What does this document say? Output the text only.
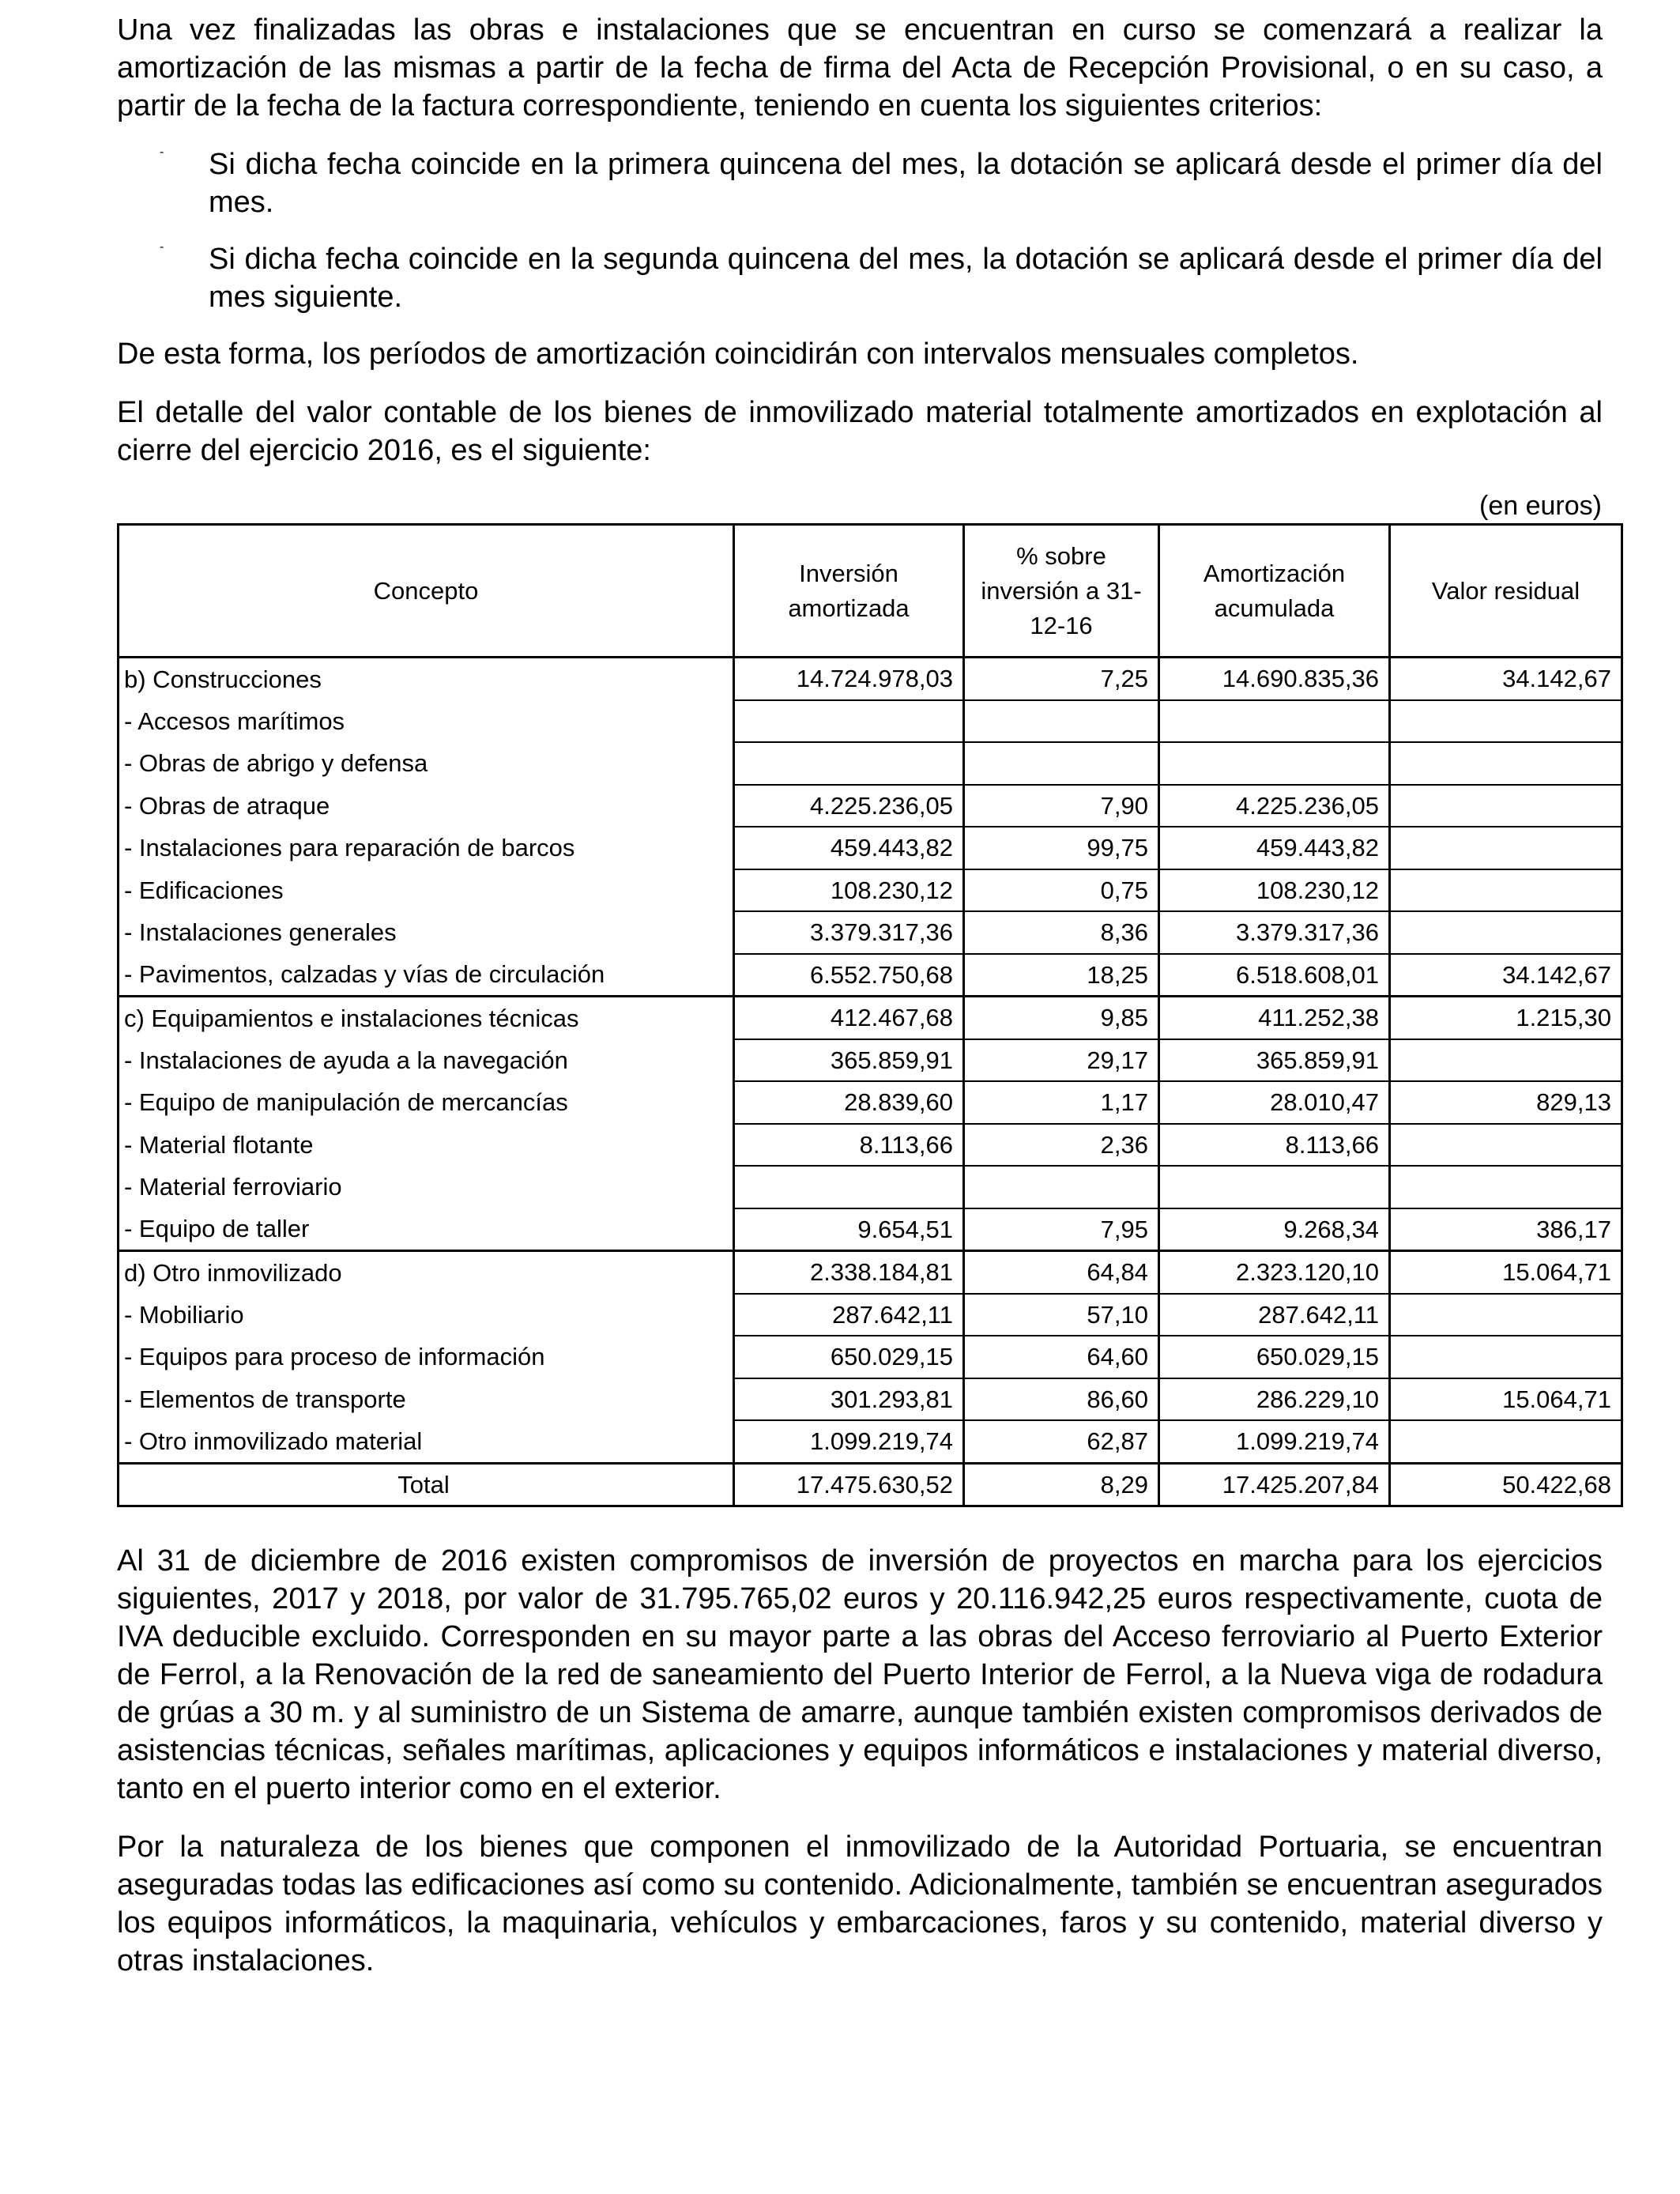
Una vez finalizadas las obras e instalaciones que se encuentran en curso se comenzará a realizar la amortización de las mismas a partir de la fecha de firma del Acta de Recepción Provisional, o en su caso, a partir de la fecha de la factura correspondiente, teniendo en cuenta los siguientes criterios:

- Si dicha fecha coincide en la primera quincena del mes, la dotación se aplicará desde el primer día del mes.

- Si dicha fecha coincide en la segunda quincena del mes, la dotación se aplicará desde el primer día del mes siguiente.

De esta forma, los períodos de amortización coincidirán con intervalos mensuales completos.

El detalle del valor contable de los bienes de inmovilizado material totalmente amortizados en explotación al cierre del ejercicio 2016, es el siguiente:

(en euros)
Concepto	Inversión amortizada	% sobre inversión a 31-12-16	Amortización acumulada	Valor residual
b) Construcciones	14.724.978,03	7,25	14.690.835,36	34.142,67
- Accesos marítimos				
- Obras de abrigo y defensa				
- Obras de atraque	4.225.236,05	7,90	4.225.236,05	
- Instalaciones para reparación de barcos	459.443,82	99,75	459.443,82	
- Edificaciones	108.230,12	0,75	108.230,12	
- Instalaciones generales	3.379.317,36	8,36	3.379.317,36	
- Pavimentos, calzadas y vías de circulación	6.552.750,68	18,25	6.518.608,01	34.142,67
c) Equipamientos e instalaciones técnicas	412.467,68	9,85	411.252,38	1.215,30
- Instalaciones de ayuda a la navegación	365.859,91	29,17	365.859,91	
- Equipo de manipulación de mercancías	28.839,60	1,17	28.010,47	829,13
- Material flotante	8.113,66	2,36	8.113,66	
- Material ferroviario				
- Equipo de taller	9.654,51	7,95	9.268,34	386,17
d) Otro inmovilizado	2.338.184,81	64,84	2.323.120,10	15.064,71
- Mobiliario	287.642,11	57,10	287.642,11	
- Equipos para proceso de información	650.029,15	64,60	650.029,15	
- Elementos de transporte	301.293,81	86,60	286.229,10	15.064,71
- Otro inmovilizado material	1.099.219,74	62,87	1.099.219,74	
Total	17.475.630,52	8,29	17.425.207,84	50.422,68

Al 31 de diciembre de 2016 existen compromisos de inversión de proyectos en marcha para los ejercicios siguientes, 2017 y 2018, por valor de 31.795.765,02 euros y 20.116.942,25 euros respectivamente, cuota de IVA deducible excluido. Corresponden en su mayor parte a las obras del Acceso ferroviario al Puerto Exterior de Ferrol, a la Renovación de la red de saneamiento del Puerto Interior de Ferrol, a la Nueva viga de rodadura de grúas a 30 m. y al suministro de un Sistema de amarre, aunque también existen compromisos derivados de asistencias técnicas, señales marítimas, aplicaciones y equipos informáticos e instalaciones y material diverso, tanto en el puerto interior como en el exterior.

Por la naturaleza de los bienes que componen el inmovilizado de la Autoridad Portuaria, se encuentran aseguradas todas las edificaciones así como su contenido. Adicionalmente, también se encuentran asegurados los equipos informáticos, la maquinaria, vehículos y embarcaciones, faros y su contenido, material diverso y otras instalaciones.
